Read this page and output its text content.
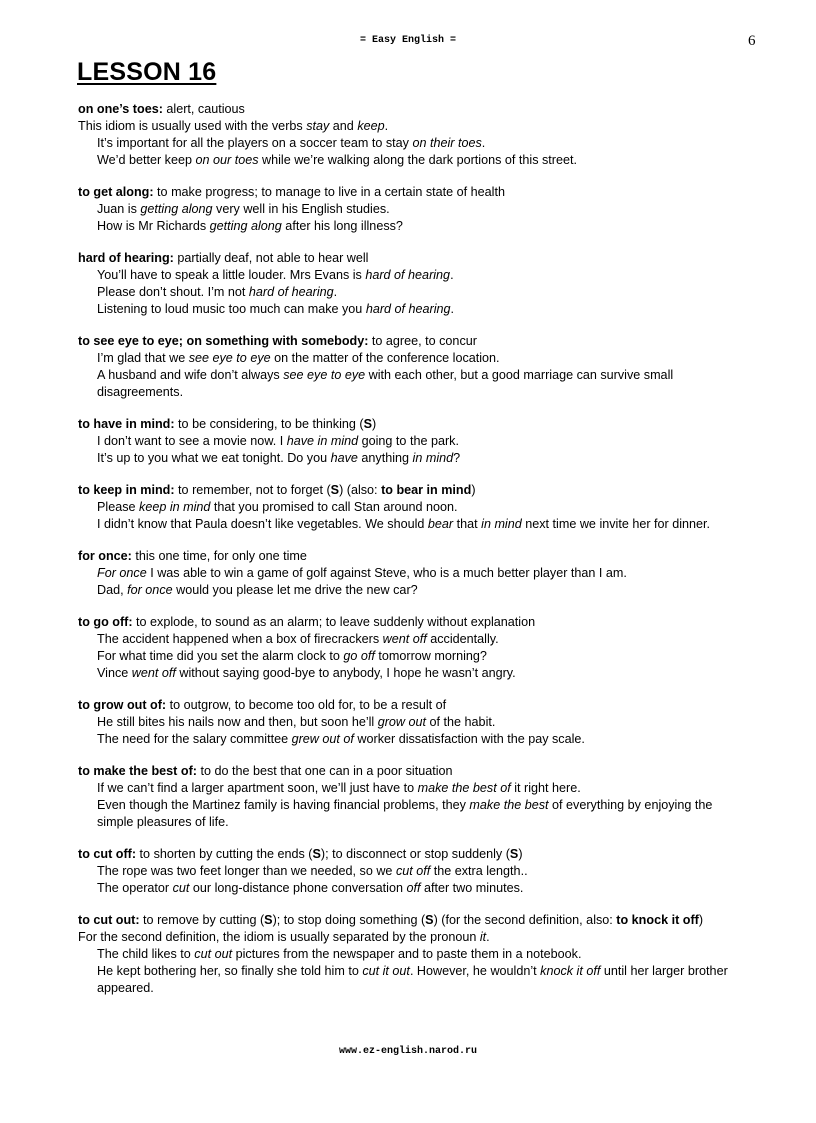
= Easy English =	6
LESSON 16

on one’s toes: alert, cautious

This idiom is usually used with the verbs stay and keep.

It’s important for all the players on a soccer team to stay on their toes.

We’d better keep on our toes while we’re walking along the dark portions of this street.

to get along: to make progress; to manage to live in a certain state of health

Juan is getting along very well in his English studies.

How is Mr Richards getting along after his long illness?

hard of hearing: partially deaf, not able to hear well

You’ll have to speak a little louder. Mrs Evans is hard of hearing.

Please don’t shout. I’m not hard of hearing.

Listening to loud music too much can make you hard of hearing.

to see eye to eye; on something with somebody: to agree, to concur

I’m glad that we see eye to eye on the matter of the conference location.

A husband and wife don’t always see eye to eye with each other, but a good marriage can survive small disagreements.

to have in mind: to be considering, to be thinking (S)

I don’t want to see a movie now. I have in mind going to the park.

It’s up to you what we eat tonight. Do you have anything in mind?

to keep in mind: to remember, not to forget (S) (also: to bear in mind)

Please keep in mind that you promised to call Stan around noon.

I didn’t know that Paula doesn’t like vegetables. We should bear that in mind next time we invite her for dinner.

for once: this one time, for only one time

For once I was able to win a game of golf against Steve, who is a much better player than I am.

Dad, for once would you please let me drive the new car?

to go off: to explode, to sound as an alarm; to leave suddenly without explanation

The accident happened when a box of firecrackers went off accidentally.

For what time did you set the alarm clock to go off tomorrow morning?

Vince went off without saying good-bye to anybody, I hope he wasn’t angry.

to grow out of: to outgrow, to become too old for, to be a result of

He still bites his nails now and then, but soon he’ll grow out of the habit.

The need for the salary committee grew out of worker dissatisfaction with the pay scale.

to make the best of: to do the best that one can in a poor situation

If we can’t find a larger apartment soon, we’ll just have to make the best of it right here.

Even though the Martinez family is having financial problems, they make the best of everything by enjoying the simple pleasures of life.

to cut off: to shorten by cutting the ends (S); to disconnect or stop suddenly (S)

The rope was two feet longer than we needed, so we cut off the extra length..

The operator cut our long-distance phone conversation off after two minutes.

to cut out: to remove by cutting (S); to stop doing something (S) (for the second definition, also: to knock it off)

For the second definition, the idiom is usually separated by the pronoun it.

The child likes to cut out pictures from the newspaper and to paste them in a notebook.

He kept bothering her, so finally she told him to cut it out. However, he wouldn’t knock it off until her larger brother appeared.

www.ez-english.narod.ru
